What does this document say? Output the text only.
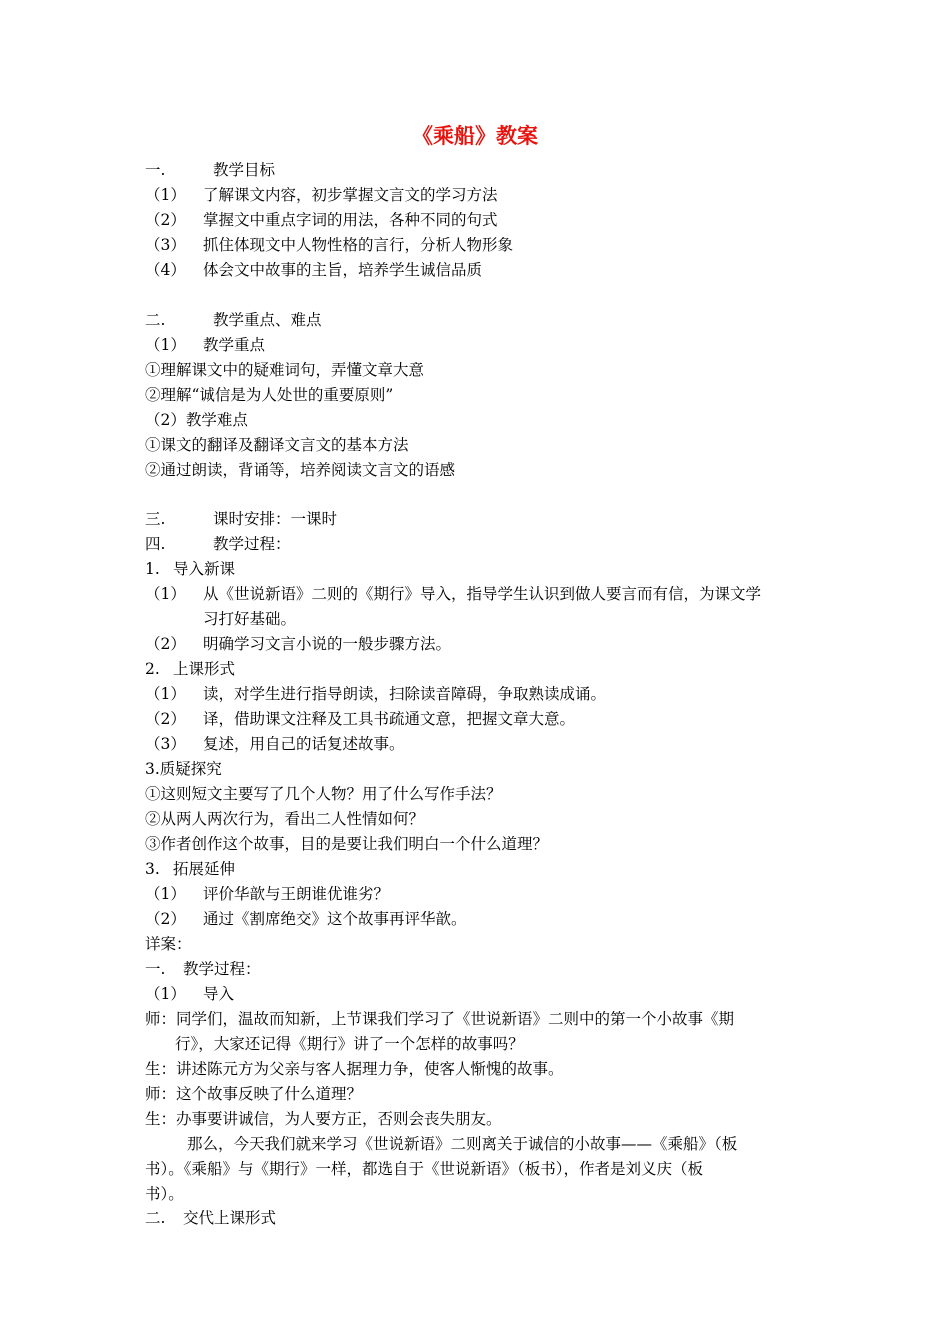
《乘船》教案
一.	教学目标
（1） 了解课文内容，初步掌握文言文的学习方法
（2） 掌握文中重点字词的用法，各种不同的句式
（3） 抓住体现文中人物性格的言行，分析人物形象
（4） 体会文中故事的主旨，培养学生诚信品质
二.	教学重点、难点
（1） 教学重点
①理解课文中的疑难词句，弄懂文章大意
②理解“诚信是为人处世的重要原则”
（2）教学难点
①课文的翻译及翻译文言文的基本方法
②通过朗读，背诵等，培养阅读文言文的语感
三.	课时安排：一课时
四.	教学过程：
1. 导入新课
（1） 从《世说新语》二则的《期行》导入，指导学生认识到做人要言而有信，为课文学
习打好基础。
（2） 明确学习文言小说的一般步骤方法。
2. 上课形式
（1） 读，对学生进行指导朗读，扫除读音障碍，争取熟读成诵。
（2） 译，借助课文注释及工具书疏通文意，把握文章大意。
（3） 复述，用自己的话复述故事。
3.质疑探究
①这则短文主要写了几个人物？用了什么写作手法？
②从两人两次行为，看出二人性情如何？
③作者创作这个故事，目的是要让我们明白一个什么道理？
3. 拓展延伸
（1） 评价华歆与王朗谁优谁劣？
（2） 通过《割席绝交》这个故事再评华歆。
详案：
一. 教学过程：
（1） 导入
师：同学们，温故而知新，上节课我们学习了《世说新语》二则中的第一个小故事《期
行》，大家还记得《期行》讲了一个怎样的故事吗？
生：讲述陈元方为父亲与客人据理力争，使客人惭愧的故事。
师：这个故事反映了什么道理？
生：办事要讲诚信，为人要方正，否则会丧失朋友。
那么，今天我们就来学习《世说新语》二则离关于诚信的小故事——《乘船》（板
书）。《乘船》与《期行》一样，都选自于《世说新语》（板书），作者是刘义庆（板
书）。
二. 交代上课形式
